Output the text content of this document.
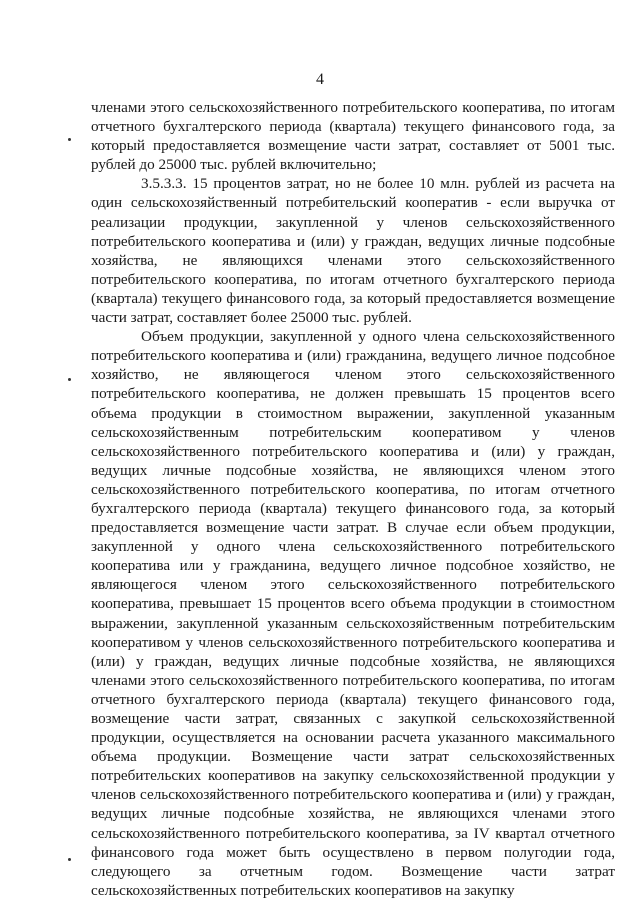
4

членами этого сельскохозяйственного потребительского кооператива, по итогам отчетного бухгалтерского периода (квартала) текущего финансового года, за который предоставляется возмещение части затрат, составляет от 5001 тыс. рублей до 25000 тыс. рублей включительно;

3.5.3.3. 15 процентов затрат, но не более 10 млн. рублей из расчета на один сельскохозяйственный потребительский кооператив - если выручка от реализации продукции, закупленной у членов сельскохозяйственного потребительского кооператива и (или) у граждан, ведущих личные подсобные хозяйства, не являющихся членами этого сельскохозяйственного потребительского кооператива, по итогам отчетного бухгалтерского периода (квартала) текущего финансового года, за который предоставляется возмещение части затрат, составляет более 25000 тыс. рублей.

Объем продукции, закупленной у одного члена сельскохозяйственного потребительского кооператива и (или) гражданина, ведущего личное подсобное хозяйство, не являющегося членом этого сельскохозяйственного потребительского кооператива, не должен превышать 15 процентов всего объема продукции в стоимостном выражении, закупленной указанным сельскохозяйственным потребительским кооперативом у членов сельскохозяйственного потребительского кооператива и (или) у граждан, ведущих личные подсобные хозяйства, не являющихся членом этого сельскохозяйственного потребительского кооператива, по итогам отчетного бухгалтерского периода (квартала) текущего финансового года, за который предоставляется возмещение части затрат. В случае если объем продукции, закупленной у одного члена сельскохозяйственного потребительского кооператива или у гражданина, ведущего личное подсобное хозяйство, не являющегося членом этого сельскохозяйственного потребительского кооператива, превышает 15 процентов всего объема продукции в стоимостном выражении, закупленной указанным сельскохозяйственным потребительским кооперативом у членов сельскохозяйственного потребительского кооператива и (или) у граждан, ведущих личные подсобные хозяйства, не являющихся членами этого сельскохозяйственного потребительского кооператива, по итогам отчетного бухгалтерского периода (квартала) текущего финансового года, возмещение части затрат, связанных с закупкой сельскохозяйственной продукции, осуществляется на основании расчета указанного максимального объема продукции. Возмещение части затрат сельскохозяйственных потребительских кооперативов на закупку сельскохозяйственной продукции у членов сельскохозяйственного потребительского кооператива и (или) у граждан, ведущих личные подсобные хозяйства, не являющихся членами этого сельскохозяйственного потребительского кооператива, за IV квартал отчетного финансового года может быть осуществлено в первом полугодии года, следующего за отчетным годом. Возмещение части затрат сельскохозяйственных потребительских кооперативов на закупку
